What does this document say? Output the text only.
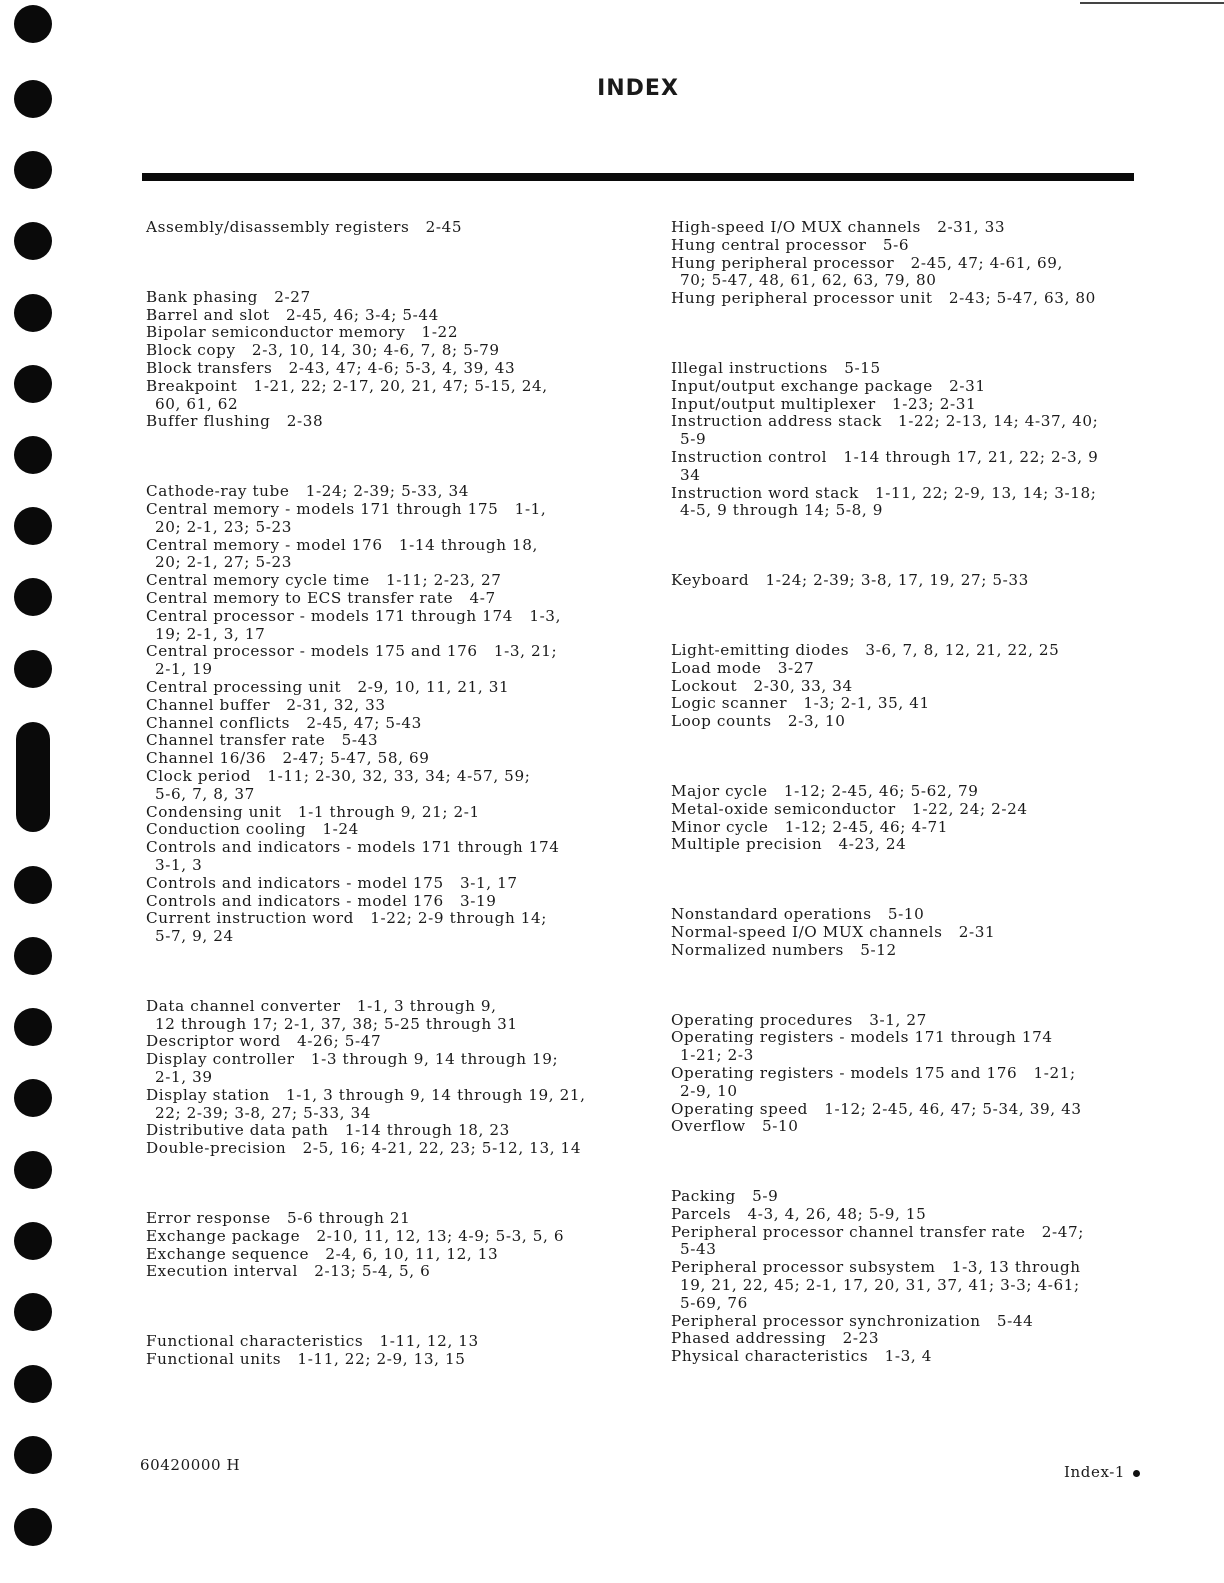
INDEX
Assembly/disassembly registers   2-45
Bank phasing   2-27
Barrel and slot   2-45, 46; 3-4; 5-44
Bipolar semiconductor memory   1-22
Block copy   2-3, 10, 14, 30; 4-6, 7, 8; 5-79
Block transfers   2-43, 47; 4-6; 5-3, 4, 39, 43
Breakpoint   1-21, 22; 2-17, 20, 21, 47; 5-15, 24,
60, 61, 62
Buffer flushing   2-38
Cathode-ray tube   1-24; 2-39; 5-33, 34
Central memory - models 171 through 175   1-1,
20; 2-1, 23; 5-23
Central memory - model 176   1-14 through 18,
20; 2-1, 27; 5-23
Central memory cycle time   1-11; 2-23, 27
Central memory to ECS transfer rate   4-7
Central processor - models 171 through 174   1-3,
19; 2-1, 3, 17
Central processor - models 175 and 176   1-3, 21;
2-1, 19
Central processing unit   2-9, 10, 11, 21, 31
Channel buffer   2-31, 32, 33
Channel conflicts   2-45, 47; 5-43
Channel transfer rate   5-43
Channel 16/36   2-47; 5-47, 58, 69
Clock period   1-11; 2-30, 32, 33, 34; 4-57, 59;
5-6, 7, 8, 37
Condensing unit   1-1 through 9, 21; 2-1
Conduction cooling   1-24
Controls and indicators - models 171 through 174
3-1, 3
Controls and indicators - model 175   3-1, 17
Controls and indicators - model 176   3-19
Current instruction word   1-22; 2-9 through 14;
5-7, 9, 24
Data channel converter   1-1, 3 through 9,
12 through 17; 2-1, 37, 38; 5-25 through 31
Descriptor word   4-26; 5-47
Display controller   1-3 through 9, 14 through 19;
2-1, 39
Display station   1-1, 3 through 9, 14 through 19, 21,
22; 2-39; 3-8, 27; 5-33, 34
Distributive data path   1-14 through 18, 23
Double-precision   2-5, 16; 4-21, 22, 23; 5-12, 13, 14
Error response   5-6 through 21
Exchange package   2-10, 11, 12, 13; 4-9; 5-3, 5, 6
Exchange sequence   2-4, 6, 10, 11, 12, 13
Execution interval   2-13; 5-4, 5, 6
Functional characteristics   1-11, 12, 13
Functional units   1-11, 22; 2-9, 13, 15
High-speed I/O MUX channels   2-31, 33
Hung central processor   5-6
Hung peripheral processor   2-45, 47; 4-61, 69,
70; 5-47, 48, 61, 62, 63, 79, 80
Hung peripheral processor unit   2-43; 5-47, 63, 80
Illegal instructions   5-15
Input/output exchange package   2-31
Input/output multiplexer   1-23; 2-31
Instruction address stack   1-22; 2-13, 14; 4-37, 40;
5-9
Instruction control   1-14 through 17, 21, 22; 2-3, 9
34
Instruction word stack   1-11, 22; 2-9, 13, 14; 3-18;
4-5, 9 through 14; 5-8, 9
Keyboard   1-24; 2-39; 3-8, 17, 19, 27; 5-33
Light-emitting diodes   3-6, 7, 8, 12, 21, 22, 25
Load mode   3-27
Lockout   2-30, 33, 34
Logic scanner   1-3; 2-1, 35, 41
Loop counts   2-3, 10
Major cycle   1-12; 2-45, 46; 5-62, 79
Metal-oxide semiconductor   1-22, 24; 2-24
Minor cycle   1-12; 2-45, 46; 4-71
Multiple precision   4-23, 24
Nonstandard operations   5-10
Normal-speed I/O MUX channels   2-31
Normalized numbers   5-12
Operating procedures   3-1, 27
Operating registers - models 171 through 174
1-21; 2-3
Operating registers - models 175 and 176   1-21;
2-9, 10
Operating speed   1-12; 2-45, 46, 47; 5-34, 39, 43
Overflow   5-10
Packing   5-9
Parcels   4-3, 4, 26, 48; 5-9, 15
Peripheral processor channel transfer rate   2-47;
5-43
Peripheral processor subsystem   1-3, 13 through
19, 21, 22, 45; 2-1, 17, 20, 31, 37, 41; 3-3; 4-61;
5-69, 76
Peripheral processor synchronization   5-44
Phased addressing   2-23
Physical characteristics   1-3, 4
60420000 H	Index-1
